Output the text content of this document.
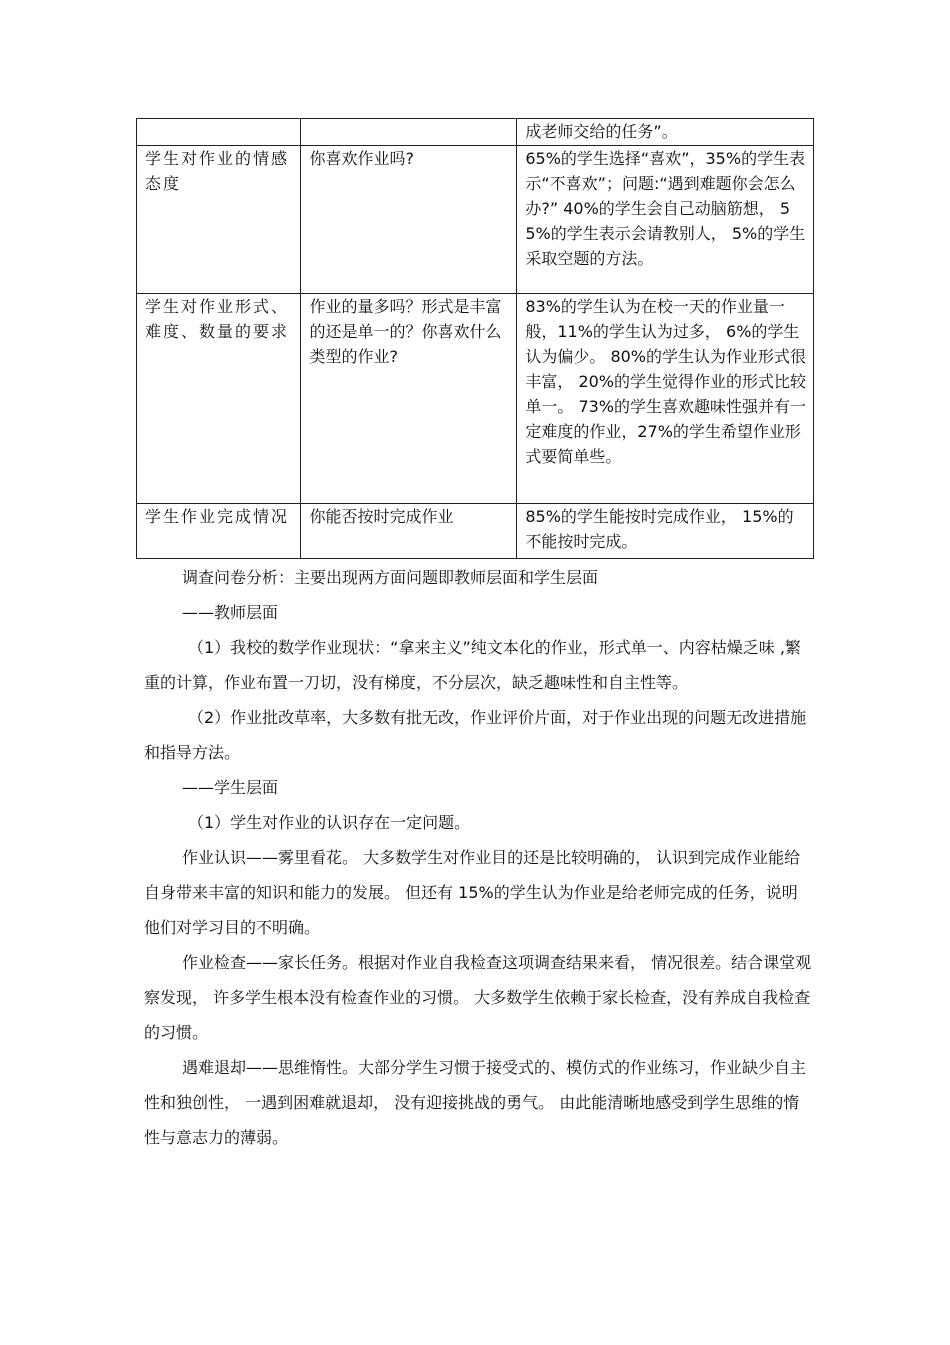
		成老师交给的任务”。
学生对作业的情感态度	你喜欢作业吗?	65%的学生选择“喜欢”，35%的学生表示“不喜欢”；问题:“遇到难题你会怎么办?” 40%的学生会自己动脑筋想， 55%的学生表示会请教别人， 5%的学生采取空题的方法。
学生对作业形式、难度、数量的要求	作业的量多吗？形式是丰富的还是单一的？你喜欢什么类型的作业?	83%的学生认为在校一天的作业量一般，11%的学生认为过多， 6%的学生认为偏少。 80%的学生认为作业形式很丰富， 20%的学生觉得作业的形式比较单一。 73%的学生喜欢趣味性强并有一定难度的作业，27%的学生希望作业形式要简单些。
学生作业完成情况	你能否按时完成作业	85%的学生能按时完成作业， 15%的不能按时完成。

调查问卷分析：主要出现两方面问题即教师层面和学生层面

——教师层面

（1）我校的数学作业现状：“拿来主义”纯文本化的作业，形式单一、内容枯燥乏味 ,繁重的计算，作业布置一刀切，没有梯度，不分层次，缺乏趣味性和自主性等。

（2）作业批改草率，大多数有批无改，作业评价片面，对于作业出现的问题无改进措施和指导方法。

——学生层面

（1）学生对作业的认识存在一定问题。

作业认识——雾里看花。 大多数学生对作业目的还是比较明确的， 认识到完成作业能给自身带来丰富的知识和能力的发展。 但还有 15%的学生认为作业是给老师完成的任务，说明他们对学习目的不明确。

作业检查——家长任务。根据对作业自我检查这项调查结果来看， 情况很差。结合课堂观察发现， 许多学生根本没有检查作业的习惯。 大多数学生依赖于家长检查，没有养成自我检查的习惯。

遇难退却——思维惰性。大部分学生习惯于接受式的、模仿式的作业练习，作业缺少自主性和独创性， 一遇到困难就退却， 没有迎接挑战的勇气。 由此能清晰地感受到学生思维的惰性与意志力的薄弱。
